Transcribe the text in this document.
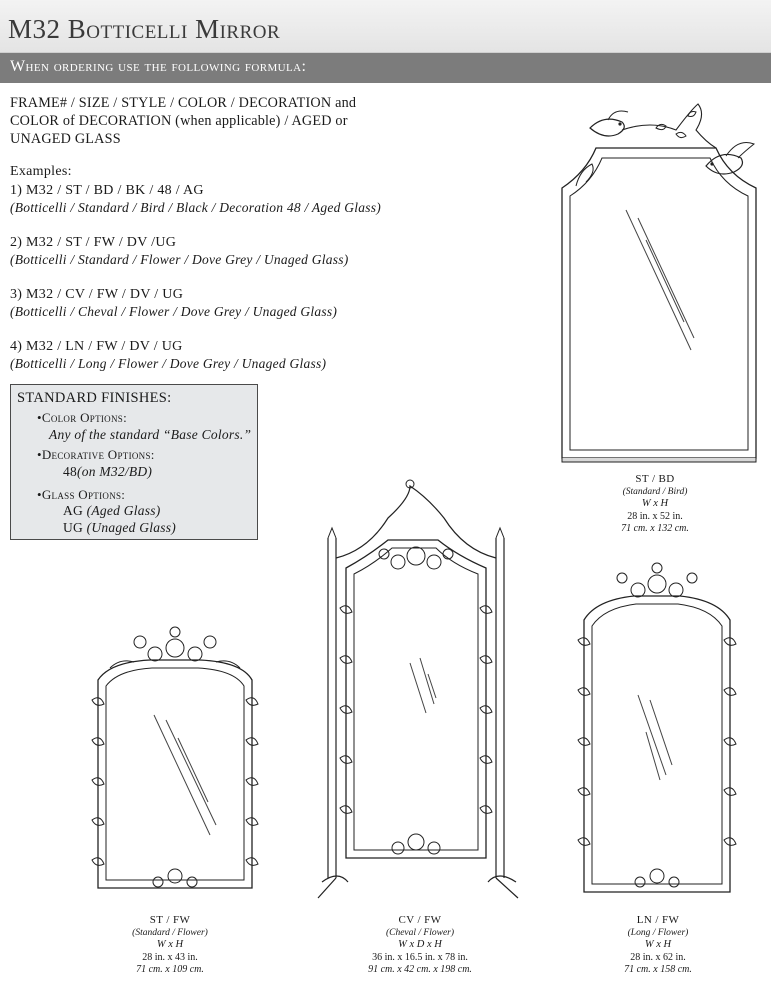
M32 Botticelli Mirror
When ordering use the following formula:
FRAME# / SIZE / STYLE / COLOR / DECORATION and COLOR of DECORATION (when applicable) / AGED or UNAGED GLASS
Examples:
1) M32 / ST / BD / BK / 48 / AG
(Botticelli / Standard / Bird / Black / Decoration 48 / Aged Glass)
2) M32 / ST / FW / DV /UG
(Botticelli / Standard / Flower / Dove Grey / Unaged Glass)
3) M32 / CV / FW / DV / UG
(Botticelli / Cheval / Flower / Dove Grey / Unaged Glass)
4) M32 / LN / FW / DV / UG
(Botticelli / Long / Flower / Dove Grey / Unaged Glass)
STANDARD FINISHES:
• Color Options:
Any of the standard “Base Colors.”
• Decorative Options:
48(on M32/BD)
• Glass Options:
AG (Aged Glass)
UG (Unaged Glass)
ST / BD
(Standard / Bird)
W x H
28 in. x 52 in.
71 cm. x 132 cm.
ST / FW
(Standard / Flower)
W x H
28 in. x 43 in.
71 cm. x 109 cm.
CV / FW
(Cheval / Flower)
W x D x H
36 in. x 16.5 in. x 78 in.
91 cm. x 42 cm. x 198 cm.
LN / FW
(Long / Flower)
W x H
28 in. x 62 in.
71 cm. x 158 cm.
